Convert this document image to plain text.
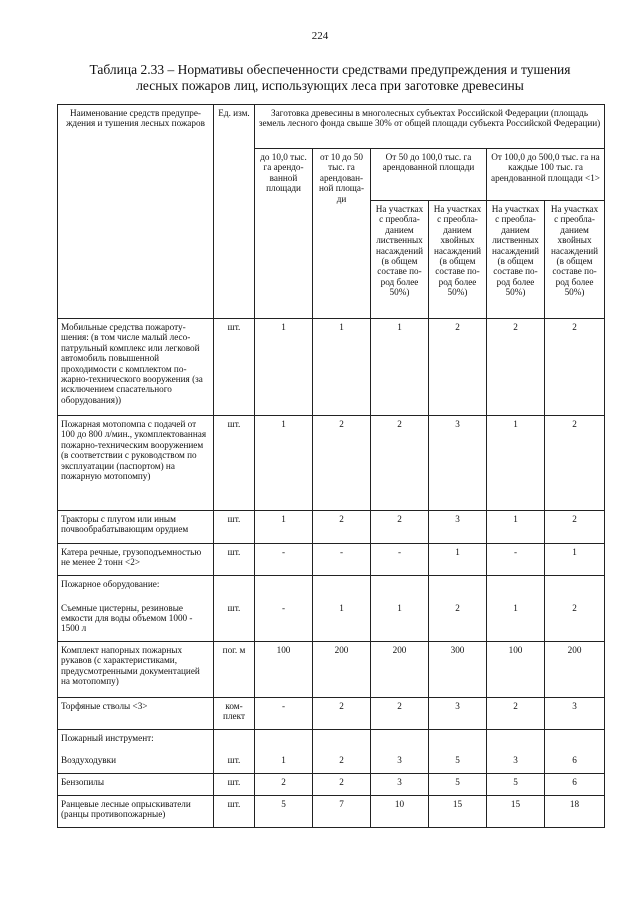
224
Таблица 2.33 – Нормативы обеспеченности средствами предупреждения и тушения
лесных пожаров лиц, использующих леса при заготовке древесины
Наименование средств предупреждения и тушения лесных пожаров	Ед. изм.	Заготовка древесины в многолесных субъектах Российской Федерации (площадь земель лесного фонда свыше 30% от общей площади субъекта Российской Федерации)					
		до 10,0 тыс. га арендованной площади	от 10 до 50 тыс. га арендованной площади	От 50 до 100,0 тыс. га арендованной площади		От 100,0 до 500,0 тыс. га на каждые 100 тыс. га арендованной площади <1>	
				На участках с преобладанием лиственных насаждений (в общем составе пород более 50%)	На участках с преобладанием хвойных насаждений (в общем составе пород более 50%)	На участках с преобладанием лиственных насаждений (в общем составе пород более 50%)	На участках с преобладанием хвойных насаждений (в общем составе пород более 50%)
Мобильные средства пожаротушения: (в том числе малый лесопатрульный комплекс или легковой автомобиль повышенной проходимости с комплектом пожарно-технического вооружения (за исключением спасательного оборудования))	шт.	1	1	1	2	2	2
Пожарная мотопомпа с подачей от 100 до 800 л/мин., укомплектованная пожарно-техническим вооружением (в соответствии с руководством по эксплуатации (паспортом) на пожарную мотопомпу)	шт.	1	2	2	3	1	2
Тракторы с плугом или иным почвообрабатывающим орудием	шт.	1	2	2	3	1	2
Катера речные, грузоподъемностью не менее 2 тонн <2>	шт.	-	-	-	1	-	1
Пожарное оборудование:							
Съемные цистерны, резиновые емкости для воды объемом 1000 - 1500 л	шт.	-	1	1	2	1	2
Комплект напорных пожарных рукавов (с характеристиками, предусмотренными документацией на мотопомпу)	пог. м	100	200	200	300	100	200
Торфяные стволы <3>	комплект	-	2	2	3	2	3
Пожарный инструмент:							
Воздуходувки	шт.	1	2	3	5	3	6
Бензопилы	шт.	2	2	3	5	5	6
Ранцевые лесные опрыскиватели (ранцы противопожарные)	шт.	5	7	10	15	15	18
